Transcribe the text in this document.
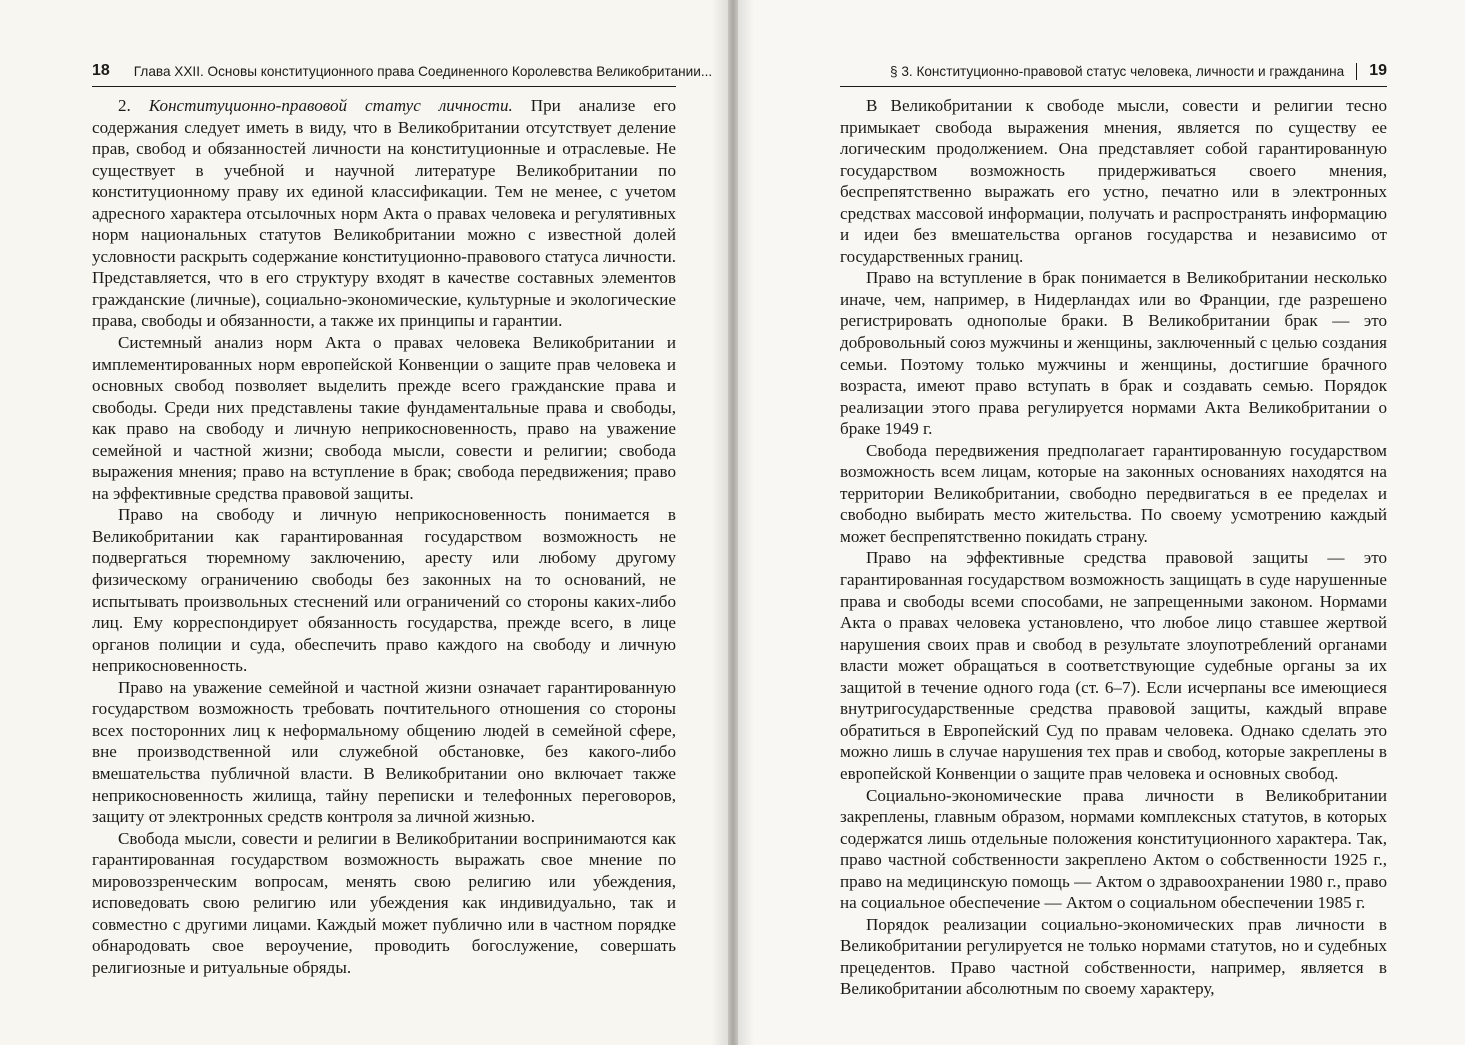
18 Глава XXII. Основы конституционного права Соединенного Королевства Великобритании...

2. Конституционно-правовой статус личности. При анализе его содержания следует иметь в виду, что в Великобритании отсутствует деление прав, свобод и обязанностей личности на конституционные и отраслевые. Не существует в учебной и научной литературе Великобритании по конституционному праву их единой классификации. Тем не менее, с учетом адресного характера отсылочных норм Акта о правах человека и регулятивных норм национальных статутов Великобритании можно с известной долей условности раскрыть содержание конституционно-правового статуса личности. Представляется, что в его структуру входят в качестве составных элементов гражданские (личные), социально-экономические, культурные и экологические права, свободы и обязанности, а также их принципы и гарантии.

Системный анализ норм Акта о правах человека Великобритании и имплементированных норм европейской Конвенции о защите прав человека и основных свобод позволяет выделить прежде всего гражданские права и свободы. Среди них представлены такие фундаментальные права и свободы, как право на свободу и личную неприкосновенность, право на уважение семейной и частной жизни; свобода мысли, совести и религии; свобода выражения мнения; право на вступление в брак; свобода передвижения; право на эффективные средства правовой защиты.

Право на свободу и личную неприкосновенность понимается в Великобритании как гарантированная государством возможность не подвергаться тюремному заключению, аресту или любому другому физическому ограничению свободы без законных на то оснований, не испытывать произвольных стеснений или ограничений со стороны каких-либо лиц. Ему корреспондирует обязанность государства, прежде всего, в лице органов полиции и суда, обеспечить право каждого на свободу и личную неприкосновенность.

Право на уважение семейной и частной жизни означает гарантированную государством возможность требовать почтительного отношения со стороны всех посторонних лиц к неформальному общению людей в семейной сфере, вне производственной или служебной обстановке, без какого-либо вмешательства публичной власти. В Великобритании оно включает также неприкосновенность жилища, тайну переписки и телефонных переговоров, защиту от электронных средств контроля за личной жизнью.

Свобода мысли, совести и религии в Великобритании воспринимаются как гарантированная государством возможность выражать свое мнение по мировоззренческим вопросам, менять свою религию или убеждения, исповедовать свою религию или убеждения как индивидуально, так и совместно с другими лицами. Каждый может публично или в частном порядке обнародовать свое вероучение, проводить богослужение, совершать религиозные и ритуальные обряды.

§ 3. Конституционно-правовой статус человека, личности и гражданина 19

В Великобритании к свободе мысли, совести и религии тесно примыкает свобода выражения мнения, является по существу ее логическим продолжением. Она представляет собой гарантированную государством возможность придерживаться своего мнения, беспрепятственно выражать его устно, печатно или в электронных средствах массовой информации, получать и распространять информацию и идеи без вмешательства органов государства и независимо от государственных границ.

Право на вступление в брак понимается в Великобритании несколько иначе, чем, например, в Нидерландах или во Франции, где разрешено регистрировать однополые браки. В Великобритании брак — это добровольный союз мужчины и женщины, заключенный с целью создания семьи. Поэтому только мужчины и женщины, достигшие брачного возраста, имеют право вступать в брак и создавать семью. Порядок реализации этого права регулируется нормами Акта Великобритании о браке 1949 г.

Свобода передвижения предполагает гарантированную государством возможность всем лицам, которые на законных основаниях находятся на территории Великобритании, свободно передвигаться в ее пределах и свободно выбирать место жительства. По своему усмотрению каждый может беспрепятственно покидать страну.

Право на эффективные средства правовой защиты — это гарантированная государством возможность защищать в суде нарушенные права и свободы всеми способами, не запрещенными законом. Нормами Акта о правах человека установлено, что любое лицо ставшее жертвой нарушения своих прав и свобод в результате злоупотреблений органами власти может обращаться в соответствующие судебные органы за их защитой в течение одного года (ст. 6–7). Если исчерпаны все имеющиеся внутригосударственные средства правовой защиты, каждый вправе обратиться в Европейский Суд по правам человека. Однако сделать это можно лишь в случае нарушения тех прав и свобод, которые закреплены в европейской Конвенции о защите прав человека и основных свобод.

Социально-экономические права личности в Великобритании закреплены, главным образом, нормами комплексных статутов, в которых содержатся лишь отдельные положения конституционного характера. Так, право частной собственности закреплено Актом о собственности 1925 г., право на медицинскую помощь — Актом о здравоохранении 1980 г., право на социальное обеспечение — Актом о социальном обеспечении 1985 г.

Порядок реализации социально-экономических прав личности в Великобритании регулируется не только нормами статутов, но и судебных прецедентов. Право частной собственности, например, является в Великобритании абсолютным по своему характеру,
